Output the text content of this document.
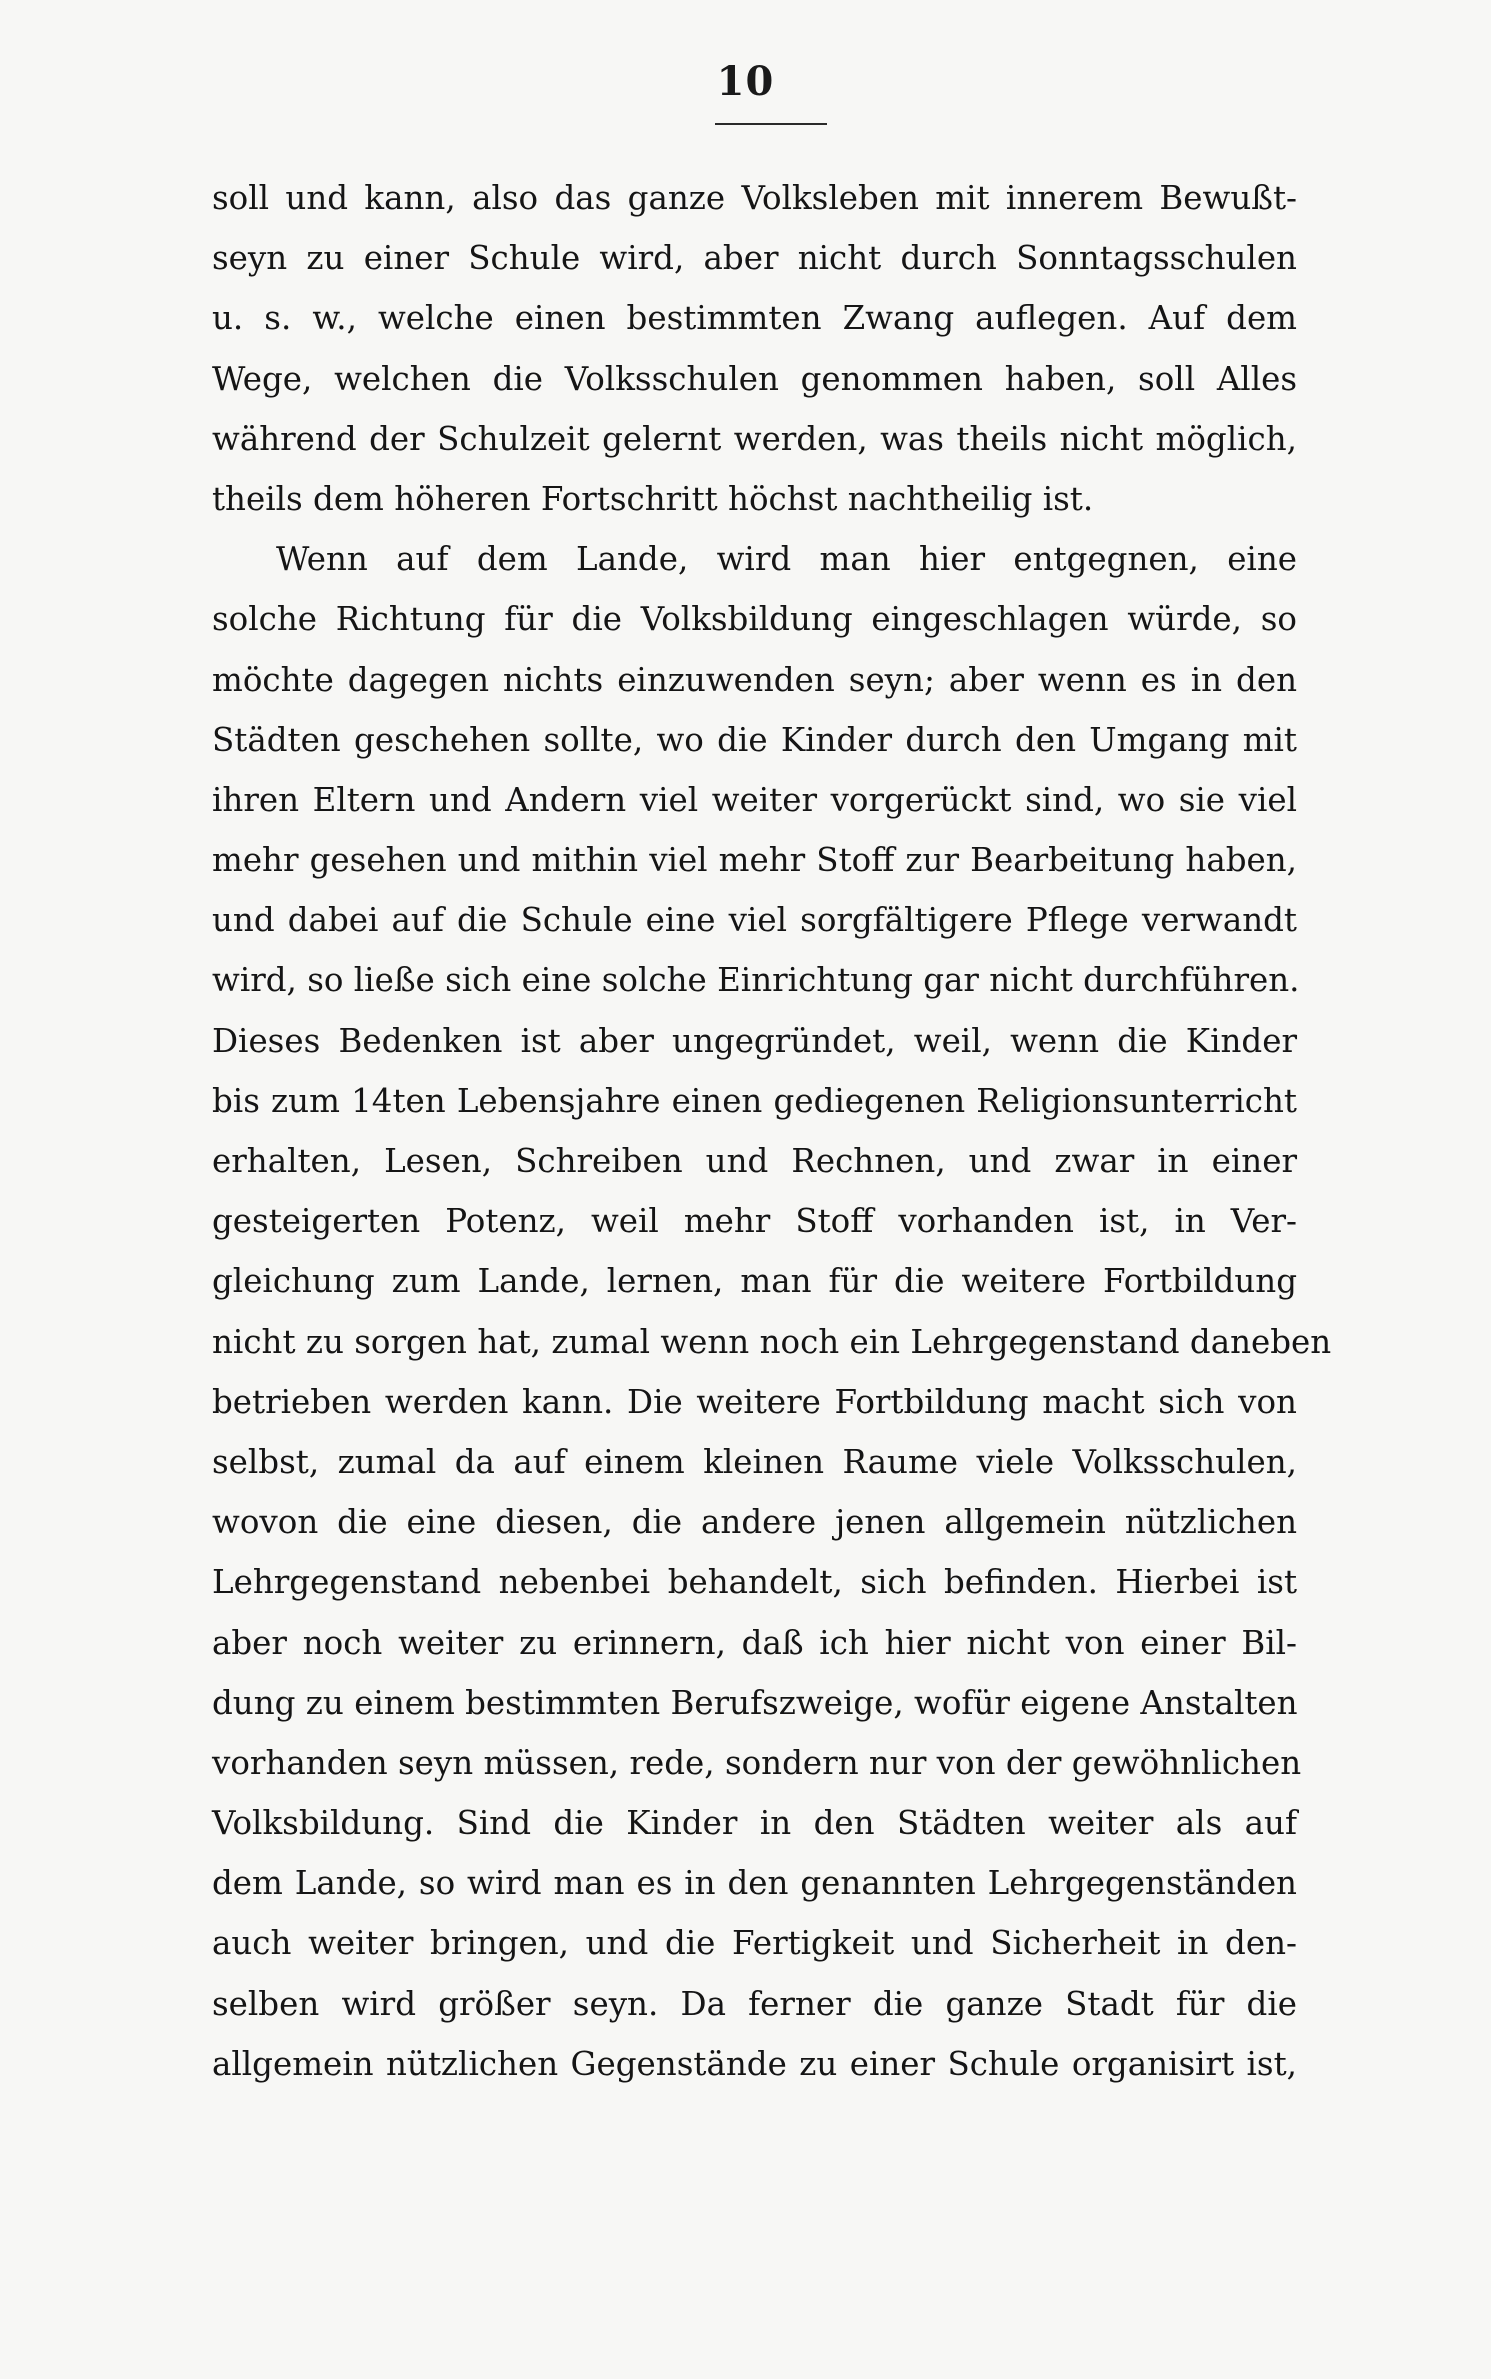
10
soll und kann, also das ganze Volksleben mit innerem Bewußt-
seyn zu einer Schule wird, aber nicht durch Sonntagsschulen
u. s. w., welche einen bestimmten Zwang auflegen. Auf dem
Wege, welchen die Volksschulen genommen haben, soll Alles
während der Schulzeit gelernt werden, was theils nicht möglich,
theils dem höheren Fortschritt höchst nachtheilig ist.
Wenn auf dem Lande, wird man hier entgegnen, eine
solche Richtung für die Volksbildung eingeschlagen würde, so
möchte dagegen nichts einzuwenden seyn; aber wenn es in den
Städten geschehen sollte, wo die Kinder durch den Umgang mit
ihren Eltern und Andern viel weiter vorgerückt sind, wo sie viel
mehr gesehen und mithin viel mehr Stoff zur Bearbeitung haben,
und dabei auf die Schule eine viel sorgfältigere Pflege verwandt
wird, so ließe sich eine solche Einrichtung gar nicht durchführen.
Dieses Bedenken ist aber ungegründet, weil, wenn die Kinder
bis zum 14ten Lebensjahre einen gediegenen Religionsunterricht
erhalten, Lesen, Schreiben und Rechnen, und zwar in einer
gesteigerten Potenz, weil mehr Stoff vorhanden ist, in Ver-
gleichung zum Lande, lernen, man für die weitere Fortbildung
nicht zu sorgen hat, zumal wenn noch ein Lehrgegenstand daneben
betrieben werden kann. Die weitere Fortbildung macht sich von
selbst, zumal da auf einem kleinen Raume viele Volksschulen,
wovon die eine diesen, die andere jenen allgemein nützlichen
Lehrgegenstand nebenbei behandelt, sich befinden. Hierbei ist
aber noch weiter zu erinnern, daß ich hier nicht von einer Bil-
dung zu einem bestimmten Berufszweige, wofür eigene Anstalten
vorhanden seyn müssen, rede, sondern nur von der gewöhnlichen
Volksbildung. Sind die Kinder in den Städten weiter als auf
dem Lande, so wird man es in den genannten Lehrgegenständen
auch weiter bringen, und die Fertigkeit und Sicherheit in den-
selben wird größer seyn. Da ferner die ganze Stadt für die
allgemein nützlichen Gegenstände zu einer Schule organisirt ist,
